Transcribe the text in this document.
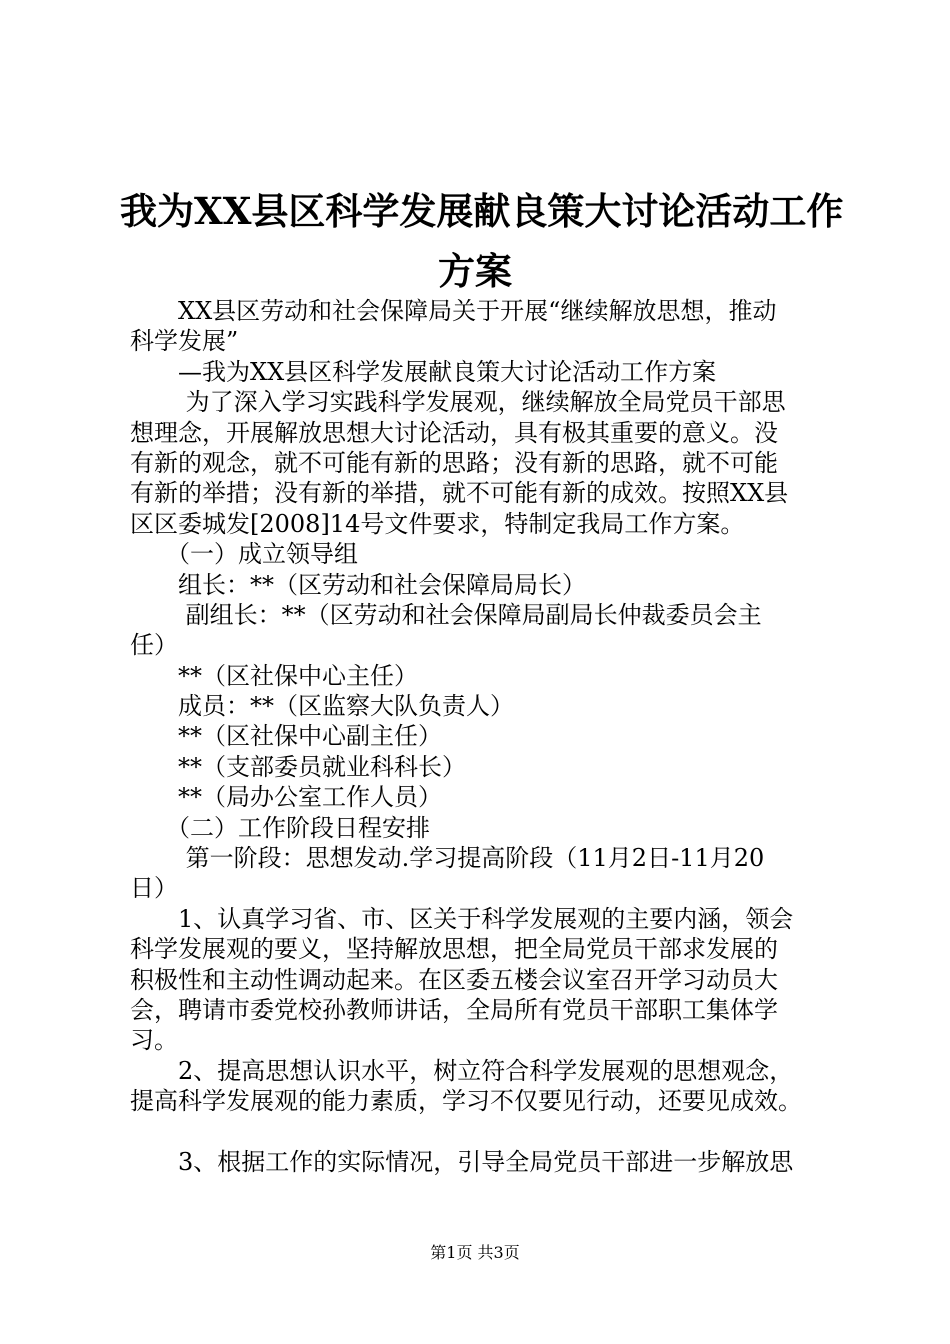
我为XX县区科学发展献良策大讨论活动工作
方案
　　XX县区劳动和社会保障局关于开展“继续解放思想，推动
科学发展”
　　—我为XX县区科学发展献良策大讨论活动工作方案
　　 为了深入学习实践科学发展观，继续解放全局党员干部思
想理念，开展解放思想大讨论活动，具有极其重要的意义。没
有新的观念，就不可能有新的思路；没有新的思路，就不可能
有新的举措；没有新的举措，就不可能有新的成效。按照XX县
区区委城发[2008]14号文件要求，特制定我局工作方案。
　　（一）成立领导组
　　组长：**（区劳动和社会保障局局长）
　　 副组长：**（区劳动和社会保障局副局长仲裁委员会主
任）
　　**（区社保中心主任）
　　成员：**（区监察大队负责人）
　　**（区社保中心副主任）
　　**（支部委员就业科科长）
　　**（局办公室工作人员）
　　（二）工作阶段日程安排
　　 第一阶段：思想发动.学习提高阶段（11月2日-11月20
日）
　　1、认真学习省、市、区关于科学发展观的主要内涵，领会
科学发展观的要义，坚持解放思想，把全局党员干部求发展的
积极性和主动性调动起来。在区委五楼会议室召开学习动员大
会，聘请市委党校孙教师讲话，全局所有党员干部职工集体学
习。
　　2、提高思想认识水平，树立符合科学发展观的思想观念，
提高科学发展观的能力素质，学习不仅要见行动，还要见成效。
　　3、根据工作的实际情况，引导全局党员干部进一步解放思
第1页 共3页
